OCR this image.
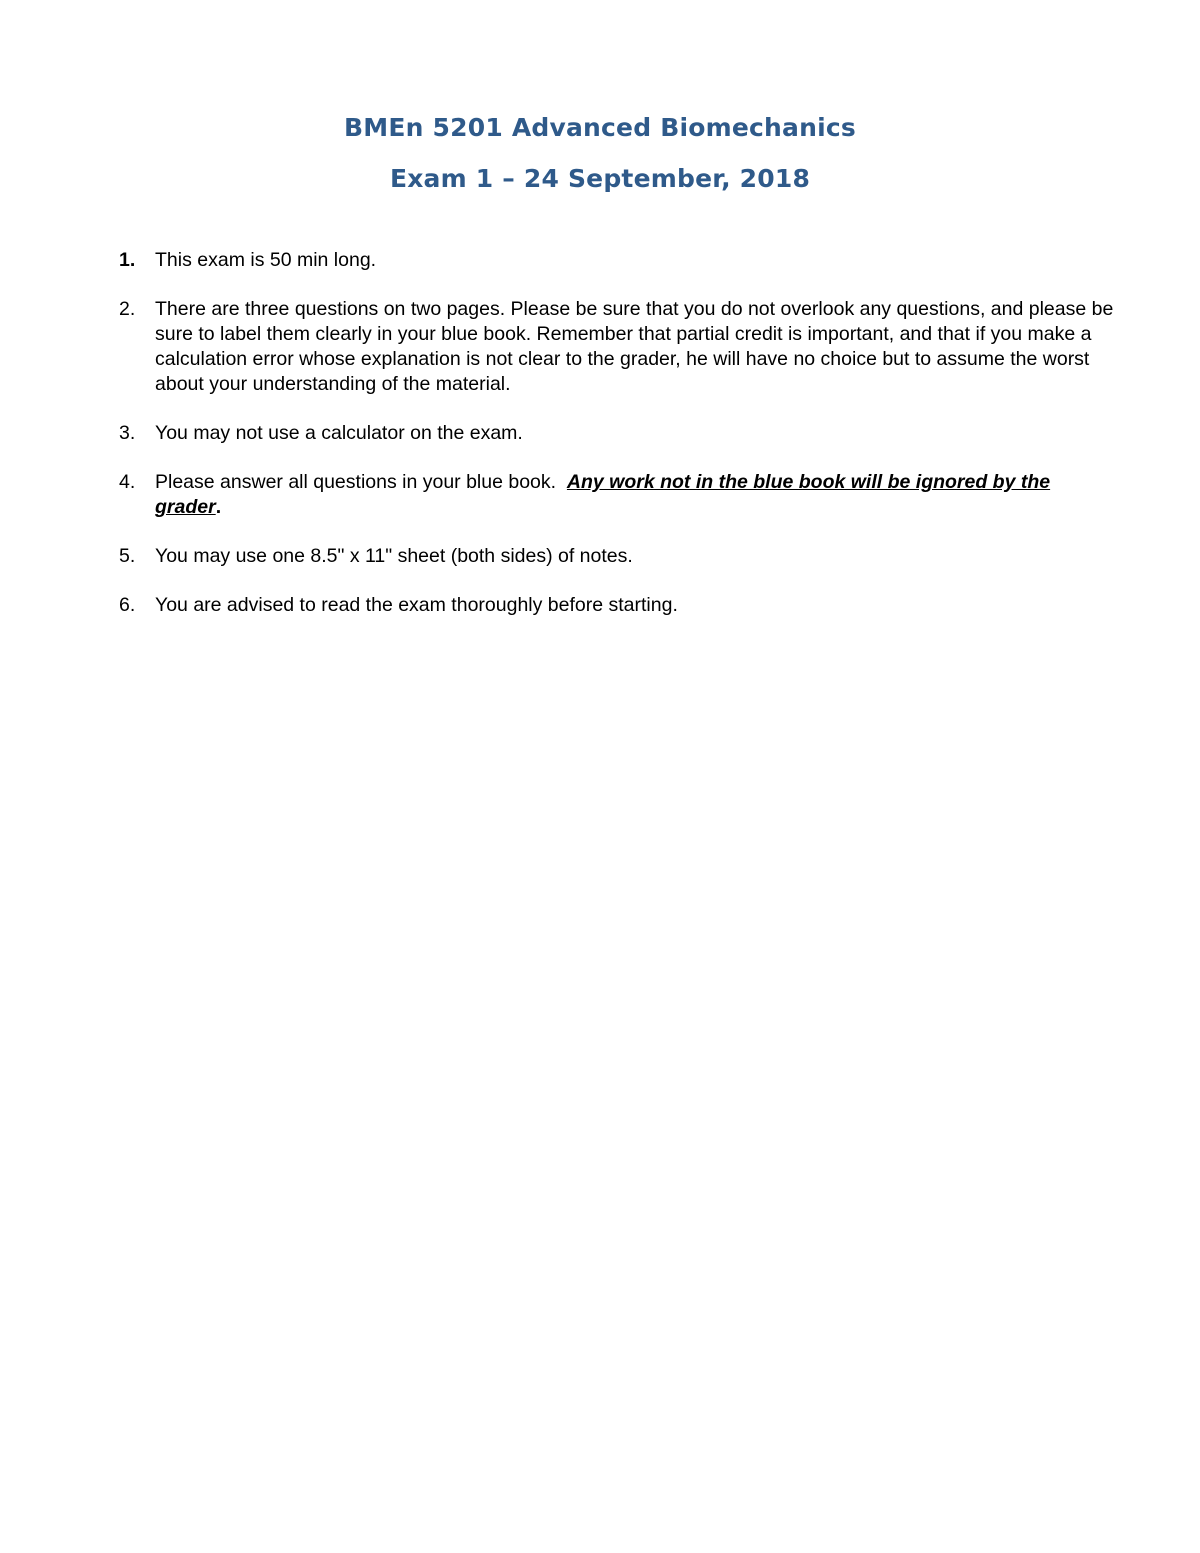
BMEn 5201 Advanced Biomechanics
Exam 1 – 24 September, 2018
1. This exam is 50 min long.
2. There are three questions on two pages. Please be sure that you do not overlook any questions, and please be sure to label them clearly in your blue book. Remember that partial credit is important, and that if you make a calculation error whose explanation is not clear to the grader, he will have no choice but to assume the worst about your understanding of the material.
3. You may not use a calculator on the exam.
4. Please answer all questions in your blue book. Any work not in the blue book will be ignored by the grader.
5. You may use one 8.5" x 11" sheet (both sides) of notes.
6. You are advised to read the exam thoroughly before starting.
